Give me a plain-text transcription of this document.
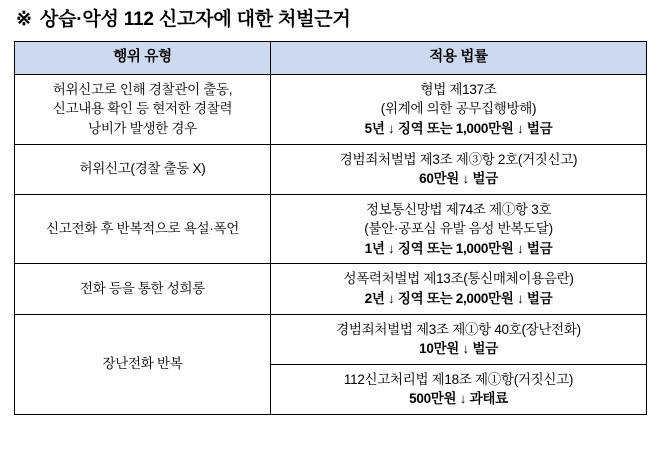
※ 상습·악성 112 신고자에 대한 처벌근거
행위 유형	적용 법률

허위신고로 인해 경찰관이 출동,
신고내용 확인 등 현저한 경찰력
낭비가 발생한 경우	형법 제137조
(위계에 의한 공무집행방해)
5년 ↓ 징역 또는 1,000만원 ↓ 벌금

허위신고(경찰 출동 X)	경범죄처벌법 제3조 제③항 2호(거짓신고)
60만원 ↓ 벌금

신고전화 후 반복적으로 욕설·폭언	정보통신망법 제74조 제①항 3호
(불안·공포심 유발 음성 반복도달)
1년 ↓ 징역 또는 1,000만원 ↓ 벌금

전화 등을 통한 성희롱	성폭력처벌법 제13조(통신매체이용음란)
2년 ↓ 징역 또는 2,000만원 ↓ 벌금

장난전화 반복	경범죄처벌법 제3조 제①항 40호(장난전화)
10만원 ↓ 벌금

	112신고처리법 제18조 제①항(거짓신고)
500만원 ↓ 과태료
